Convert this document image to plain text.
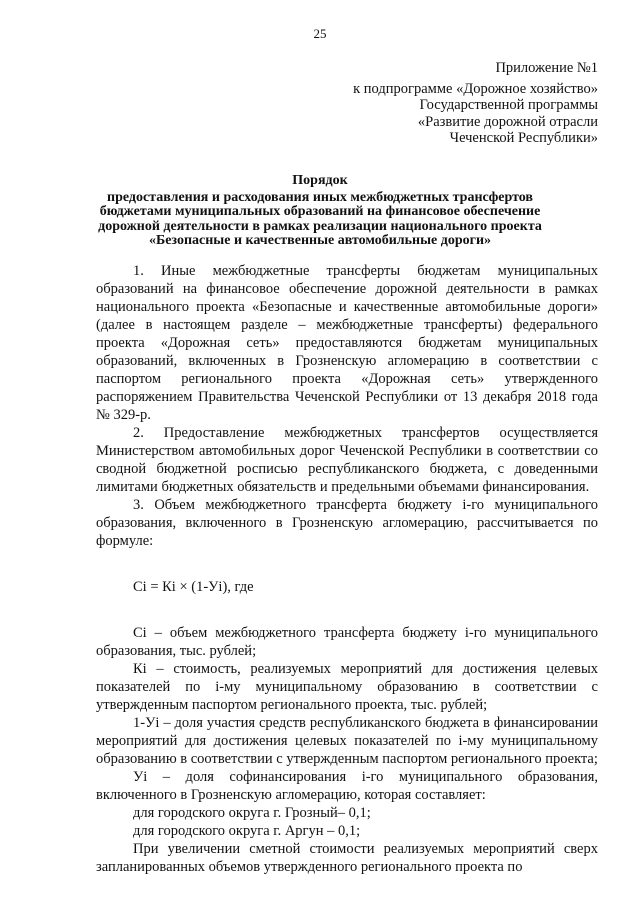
25
Приложение №1
к подпрограмме «Дорожное хозяйство»
Государственной программы
«Развитие дорожной отрасли
Чеченской Республики»
Порядок
предоставления и расходования иных межбюджетных трансфертов
бюджетами муниципальных образований на финансовое обеспечение
дорожной деятельности в рамках реализации национального проекта
«Безопасные и качественные автомобильные дороги»

1. Иные межбюджетные трансферты бюджетам муниципальных образований на финансовое обеспечение дорожной деятельности в рамках национального проекта «Безопасные и качественные автомобильные дороги» (далее в настоящем разделе – межбюджетные трансферты) федерального проекта «Дорожная сеть» предоставляются бюджетам муниципальных образований, включенных в Грозненскую агломерацию в соответствии с паспортом регионального проекта «Дорожная сеть» утвержденного распоряжением Правительства Чеченской Республики от 13 декабря 2018 года № 329-р.

2. Предоставление межбюджетных трансфертов осуществляется Министерством автомобильных дорог Чеченской Республики в соответствии со сводной бюджетной росписью республиканского бюджета, с доведенными лимитами бюджетных обязательств и предельными объемами финансирования.

3. Объем межбюджетного трансферта бюджету i-го муниципального образования, включенного в Грозненскую агломерацию, рассчитывается по формуле:

Сi = Кi × (1-Уi), где

Сi – объем межбюджетного трансферта бюджету i-го муниципального образования, тыс. рублей;

Кi – стоимость, реализуемых мероприятий для достижения целевых показателей по i-му муниципальному образованию в соответствии с утвержденным паспортом регионального проекта, тыс. рублей;

1-Уi – доля участия средств республиканского бюджета в финансировании мероприятий для достижения целевых показателей по i-му муниципальному образованию в соответствии с утвержденным паспортом регионального проекта;

Уi – доля софинансирования i-го муниципального образования, включенного в Грозненскую агломерацию, которая составляет:

для городского округа г. Грозный– 0,1;

для городского округа г. Аргун – 0,1;

При увеличении сметной стоимости реализуемых мероприятий сверх запланированных объемов утвержденного регионального проекта по
